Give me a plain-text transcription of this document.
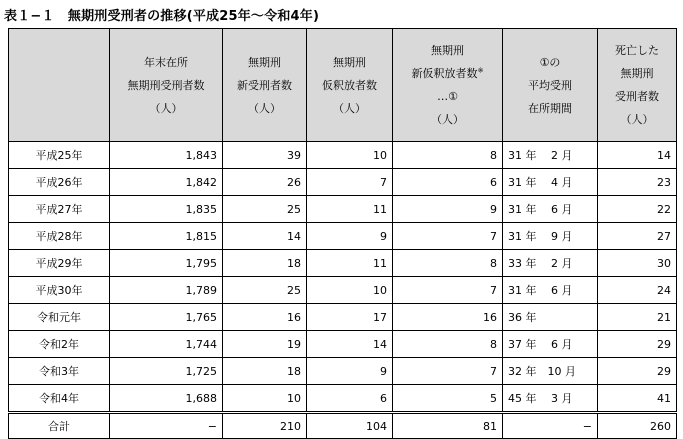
表１−１　無期刑受刑者の推移(平成25年～令和4年)

	年末在所
無期刑受刑者数
（人）	無期刑
新受刑者数
（人）	無期刑
仮釈放者数
（人）	無期刑
新仮釈放者数※
…①
（人）	①の
平均受刑
在所期間	死亡した
無期刑
受刑者数
（人）

平成25年	1,843	39	10	8	31 年　 2 月	14
平成26年	1,842	26	7	6	31 年　 4 月	23
平成27年	1,835	25	11	9	31 年　 6 月	22
平成28年	1,815	14	9	7	31 年　 9 月	27
平成29年	1,795	18	11	8	33 年　 2 月	30
平成30年	1,789	25	10	7	31 年　 6 月	24
令和元年	1,765	16	17	16	36 年	21
令和2年	1,744	19	14	8	37 年　 6 月	29
令和3年	1,725	18	9	7	32 年　10 月	29
令和4年	1,688	10	6	5	45 年　 3 月	41
合計	−	210	104	81	−	260
